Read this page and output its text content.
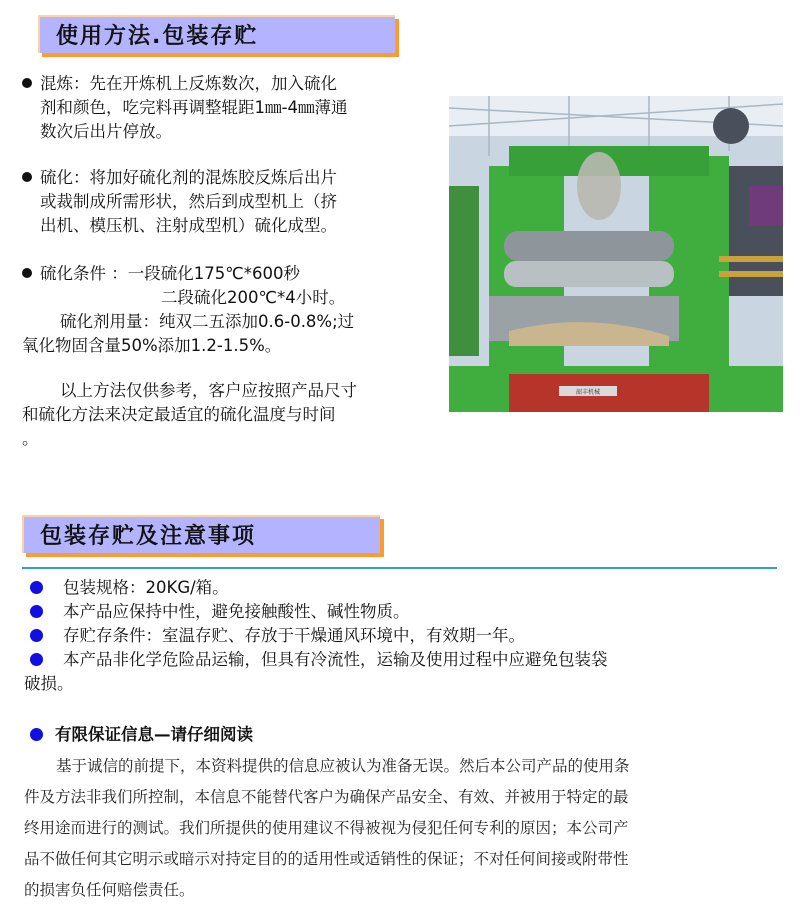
使用方法.包装存贮
混炼：先在开炼机上反炼数次，加入硫化
剂和颜色，吃完料再调整辊距1㎜-4㎜薄通
数次后出片停放。
硫化：将加好硫化剂的混炼胶反炼后出片
或裁制成所需形状，然后到成型机上（挤
出机、模压机、注射成型机）硫化成型。
硫化条件 ：一段硫化175℃*600秒
二段硫化200℃*4小时。
硫化剂用量：纯双二五添加0.6-0.8%;过
氧化物固含量50%添加1.2-1.5%。
以上方法仅供参考，客户应按照产品尺寸
和硫化方法来决定最适宜的硫化温度与时间
。
韶丰机械
包装存贮及注意事项
包装规格：20KG/箱。
本产品应保持中性，避免接触酸性、碱性物质。
存贮存条件：室温存贮、存放于干燥通风环境中，有效期一年。
本产品非化学危险品运输，但具有冷流性，运输及使用过程中应避免包装袋
破损。
有限保证信息—请仔细阅读
基于诚信的前提下，本资料提供的信息应被认为准备无误。然后本公司产品的使用条
件及方法非我们所控制，本信息不能替代客户为确保产品安全、有效、并被用于特定的最
终用途而进行的测试。我们所提供的使用建议不得被视为侵犯任何专利的原因；本公司产
品不做任何其它明示或暗示对持定目的的适用性或适销性的保证；不对任何间接或附带性
的损害负任何赔偿责任。
